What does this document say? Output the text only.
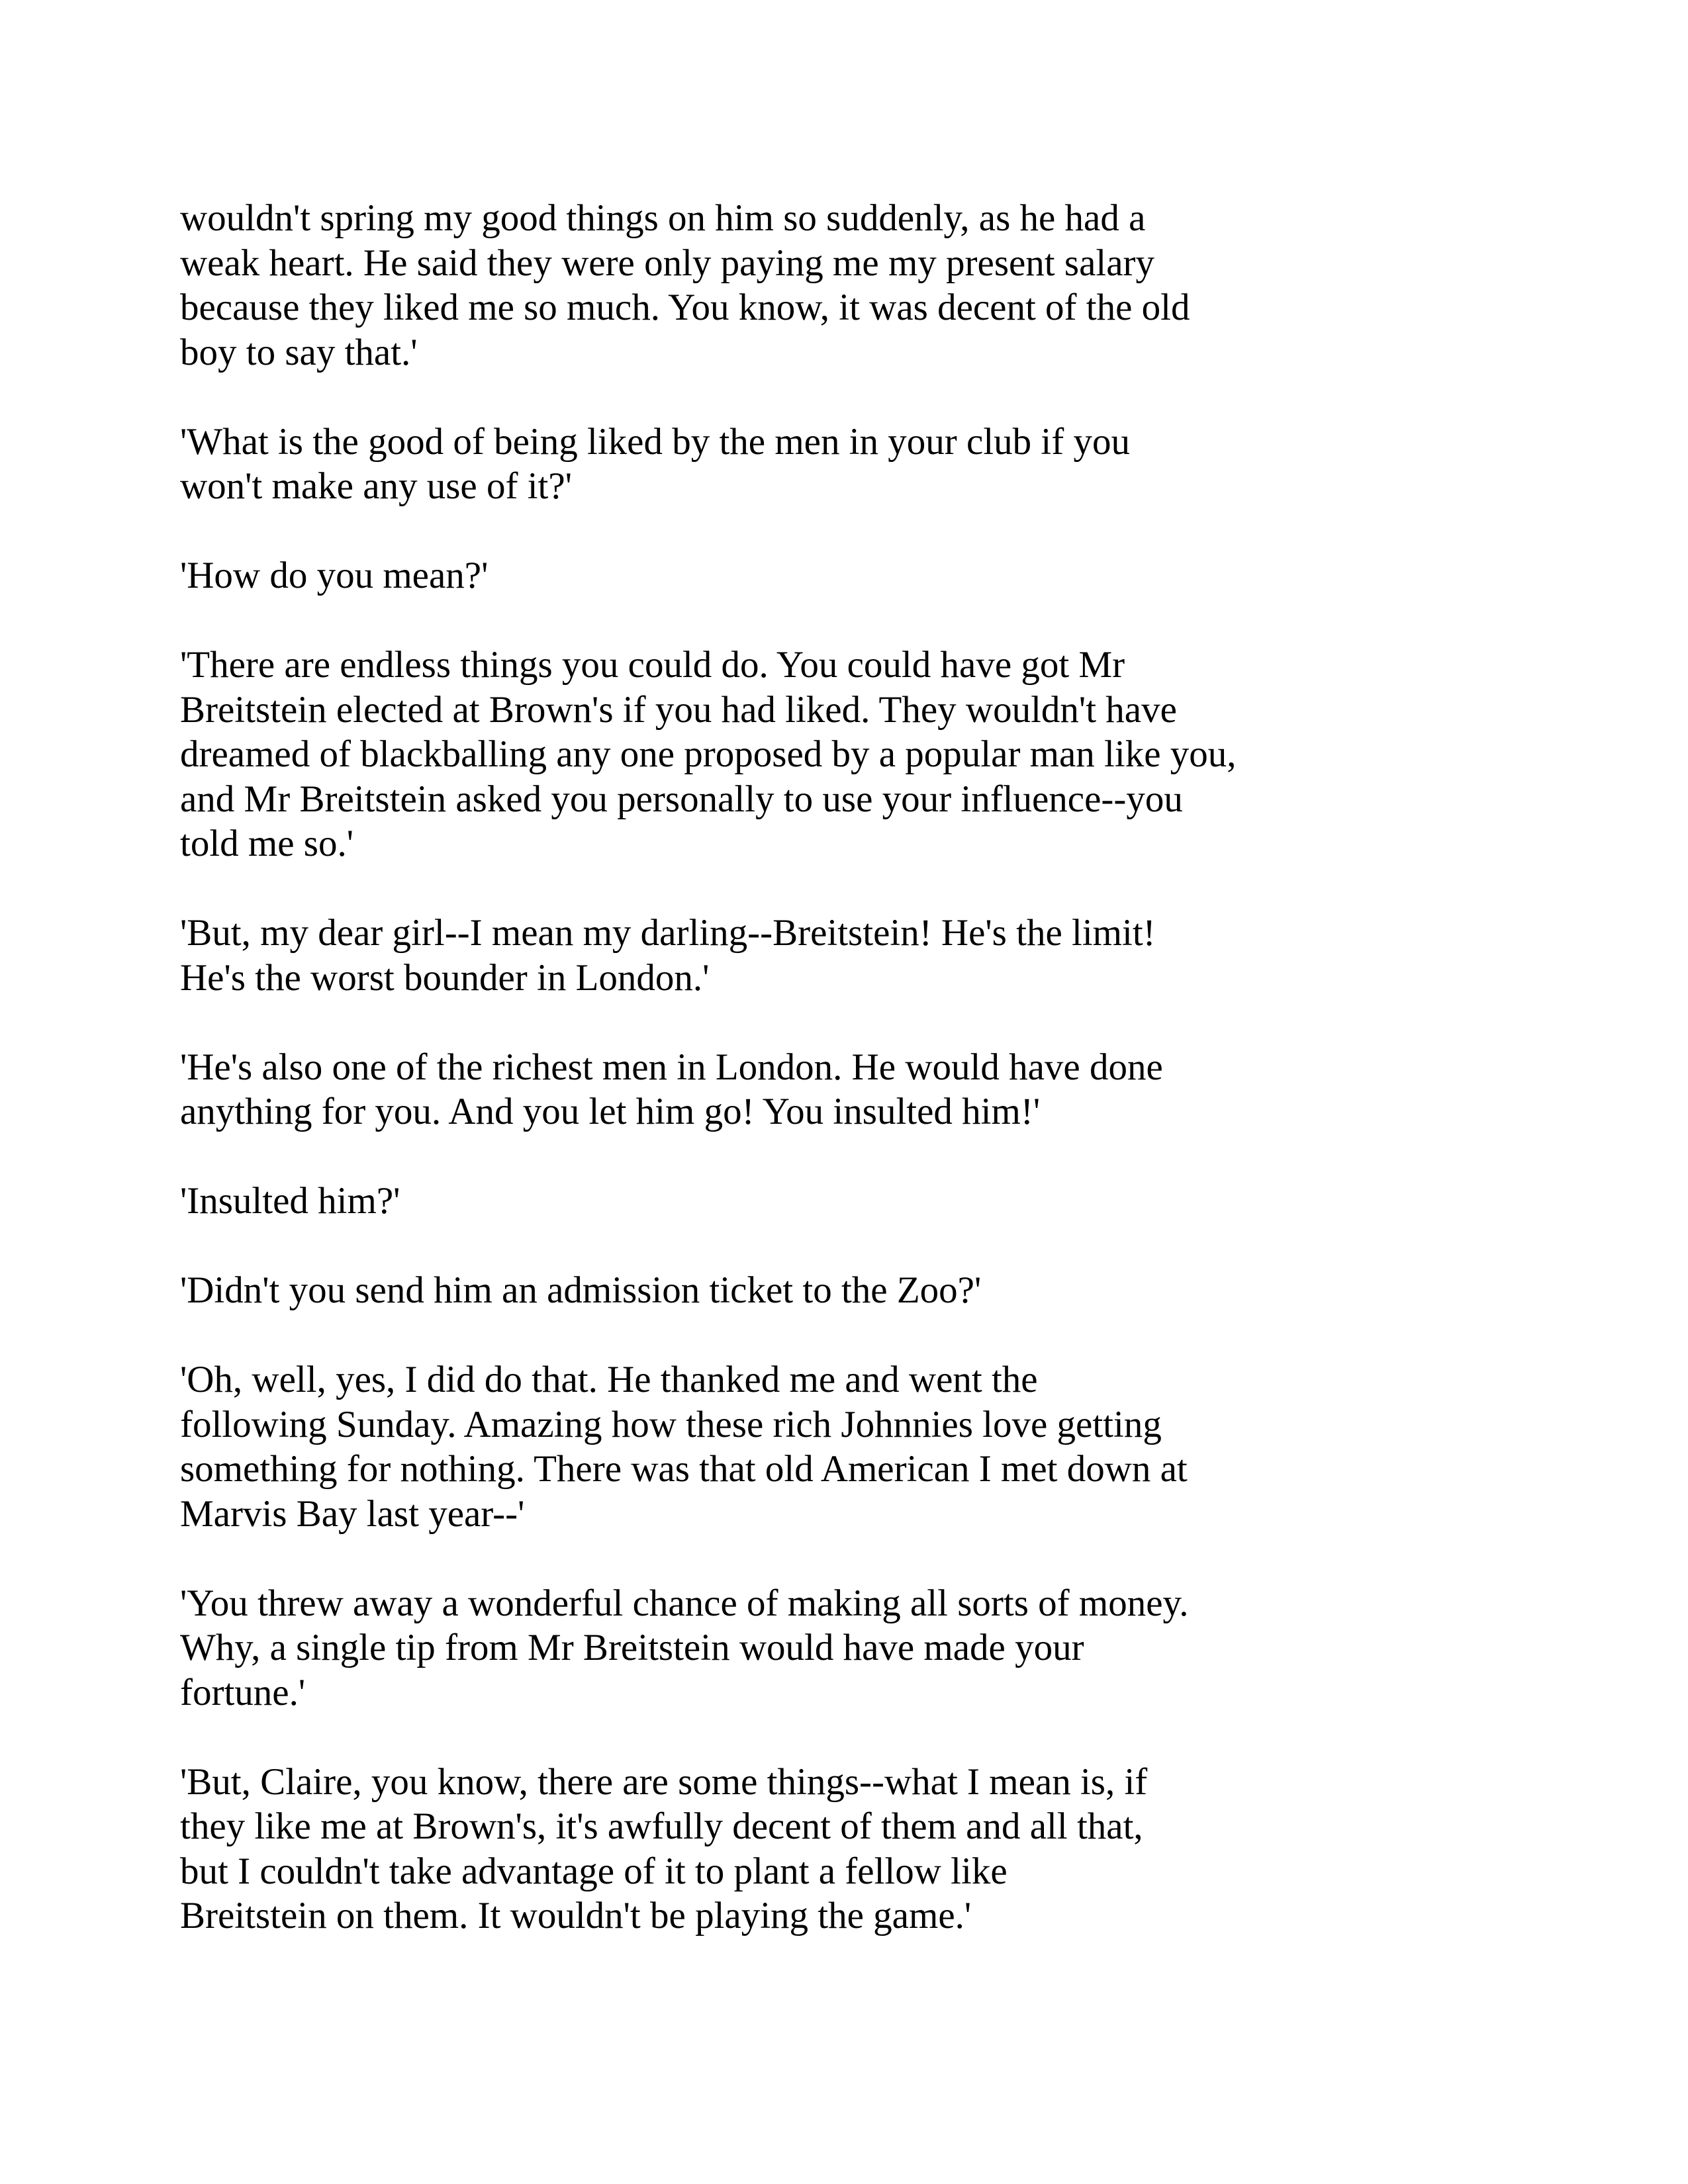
wouldn't spring my good things on him so suddenly, as he had a
weak heart. He said they were only paying me my present salary
because they liked me so much. You know, it was decent of the old
boy to say that.'

'What is the good of being liked by the men in your club if you
won't make any use of it?'

'How do you mean?'

'There are endless things you could do. You could have got Mr
Breitstein elected at Brown's if you had liked. They wouldn't have
dreamed of blackballing any one proposed by a popular man like you,
and Mr Breitstein asked you personally to use your influence--you
told me so.'

'But, my dear girl--I mean my darling--Breitstein! He's the limit!
He's the worst bounder in London.'

'He's also one of the richest men in London. He would have done
anything for you. And you let him go! You insulted him!'

'Insulted him?'

'Didn't you send him an admission ticket to the Zoo?'

'Oh, well, yes, I did do that. He thanked me and went the
following Sunday. Amazing how these rich Johnnies love getting
something for nothing. There was that old American I met down at
Marvis Bay last year--'

'You threw away a wonderful chance of making all sorts of money.
Why, a single tip from Mr Breitstein would have made your
fortune.'

'But, Claire, you know, there are some things--what I mean is, if
they like me at Brown's, it's awfully decent of them and all that,
but I couldn't take advantage of it to plant a fellow like
Breitstein on them. It wouldn't be playing the game.'
